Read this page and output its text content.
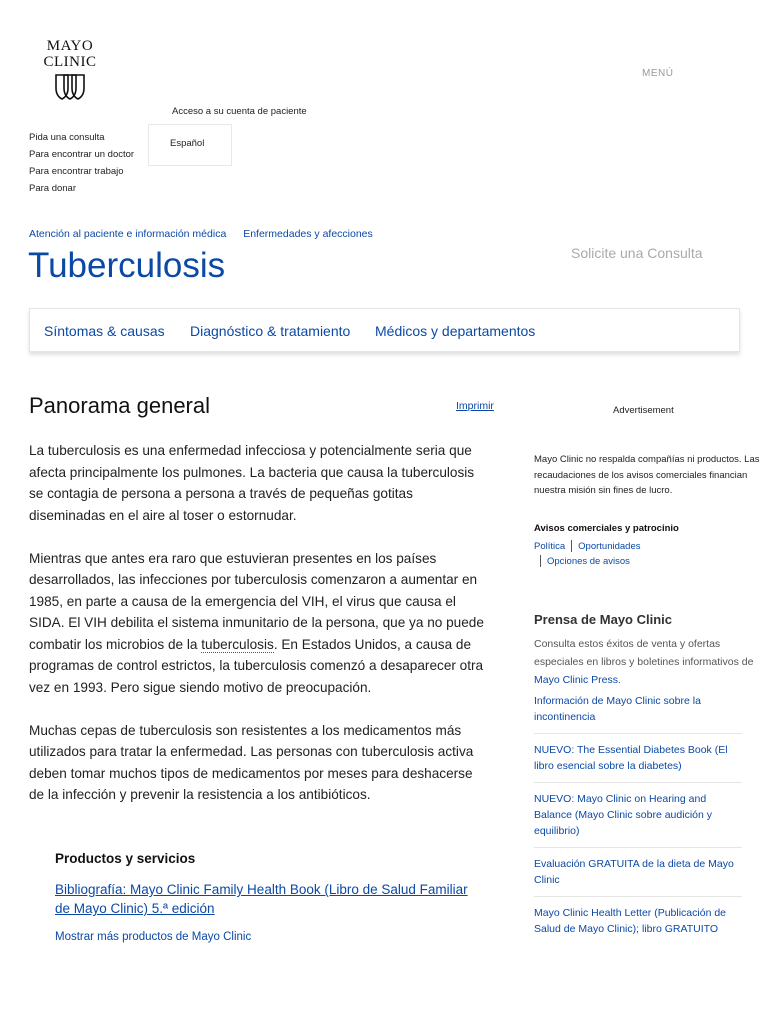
MAYO
CLINIC
MENÚ
Acceso a su cuenta de paciente
Pida una consulta
Para encontrar un doctor
Para encontrar trabajo
Para donar
Español
Atención al paciente e información médica Enfermedades y afecciones
Tuberculosis	Solicite una Consulta
Síntomas & causas Diagnóstico & tratamiento Médicos y departamentos
Panorama general	Imprimir

La tuberculosis es una enfermedad infecciosa y potencialmente seria que afecta principalmente los pulmones. La bacteria que causa la tuberculosis se contagia de persona a persona a través de pequeñas gotitas diseminadas en el aire al toser o estornudar.

Mientras que antes era raro que estuvieran presentes en los países desarrollados, las infecciones por tuberculosis comenzaron a aumentar en 1985, en parte a causa de la emergencia del VIH, el virus que causa el SIDA. El VIH debilita el sistema inmunitario de la persona, que ya no puede combatir los microbios de la tuberculosis. En Estados Unidos, a causa de programas de control estrictos, la tuberculosis comenzó a desaparecer otra vez en 1993. Pero sigue siendo motivo de preocupación.

Muchas cepas de tuberculosis son resistentes a los medicamentos más utilizados para tratar la enfermedad. Las personas con tuberculosis activa deben tomar muchos tipos de medicamentos por meses para deshacerse de la infección y prevenir la resistencia a los antibióticos.

Productos y servicios
Bibliografía: Mayo Clinic Family Health Book (Libro de Salud Familiar de Mayo Clinic) 5.ª edición
Mostrar más productos de Mayo Clinic
Advertisement
Mayo Clinic no respalda compañías ni productos. Las recaudaciones de los avisos comerciales financian nuestra misión sin fines de lucro.
Avisos comerciales y patrocinio
Política Oportunidades
Opciones de avisos
Prensa de Mayo Clinic
Consulta estos éxitos de venta y ofertas especiales en libros y boletines informativos de Mayo Clinic Press.
Información de Mayo Clinic sobre la incontinencia
NUEVO: The Essential Diabetes Book (El libro esencial sobre la diabetes)
NUEVO: Mayo Clinic on Hearing and Balance (Mayo Clinic sobre audición y equilibrio)
Evaluación GRATUITA de la dieta de Mayo Clinic
Mayo Clinic Health Letter (Publicación de Salud de Mayo Clinic); libro GRATUITO
